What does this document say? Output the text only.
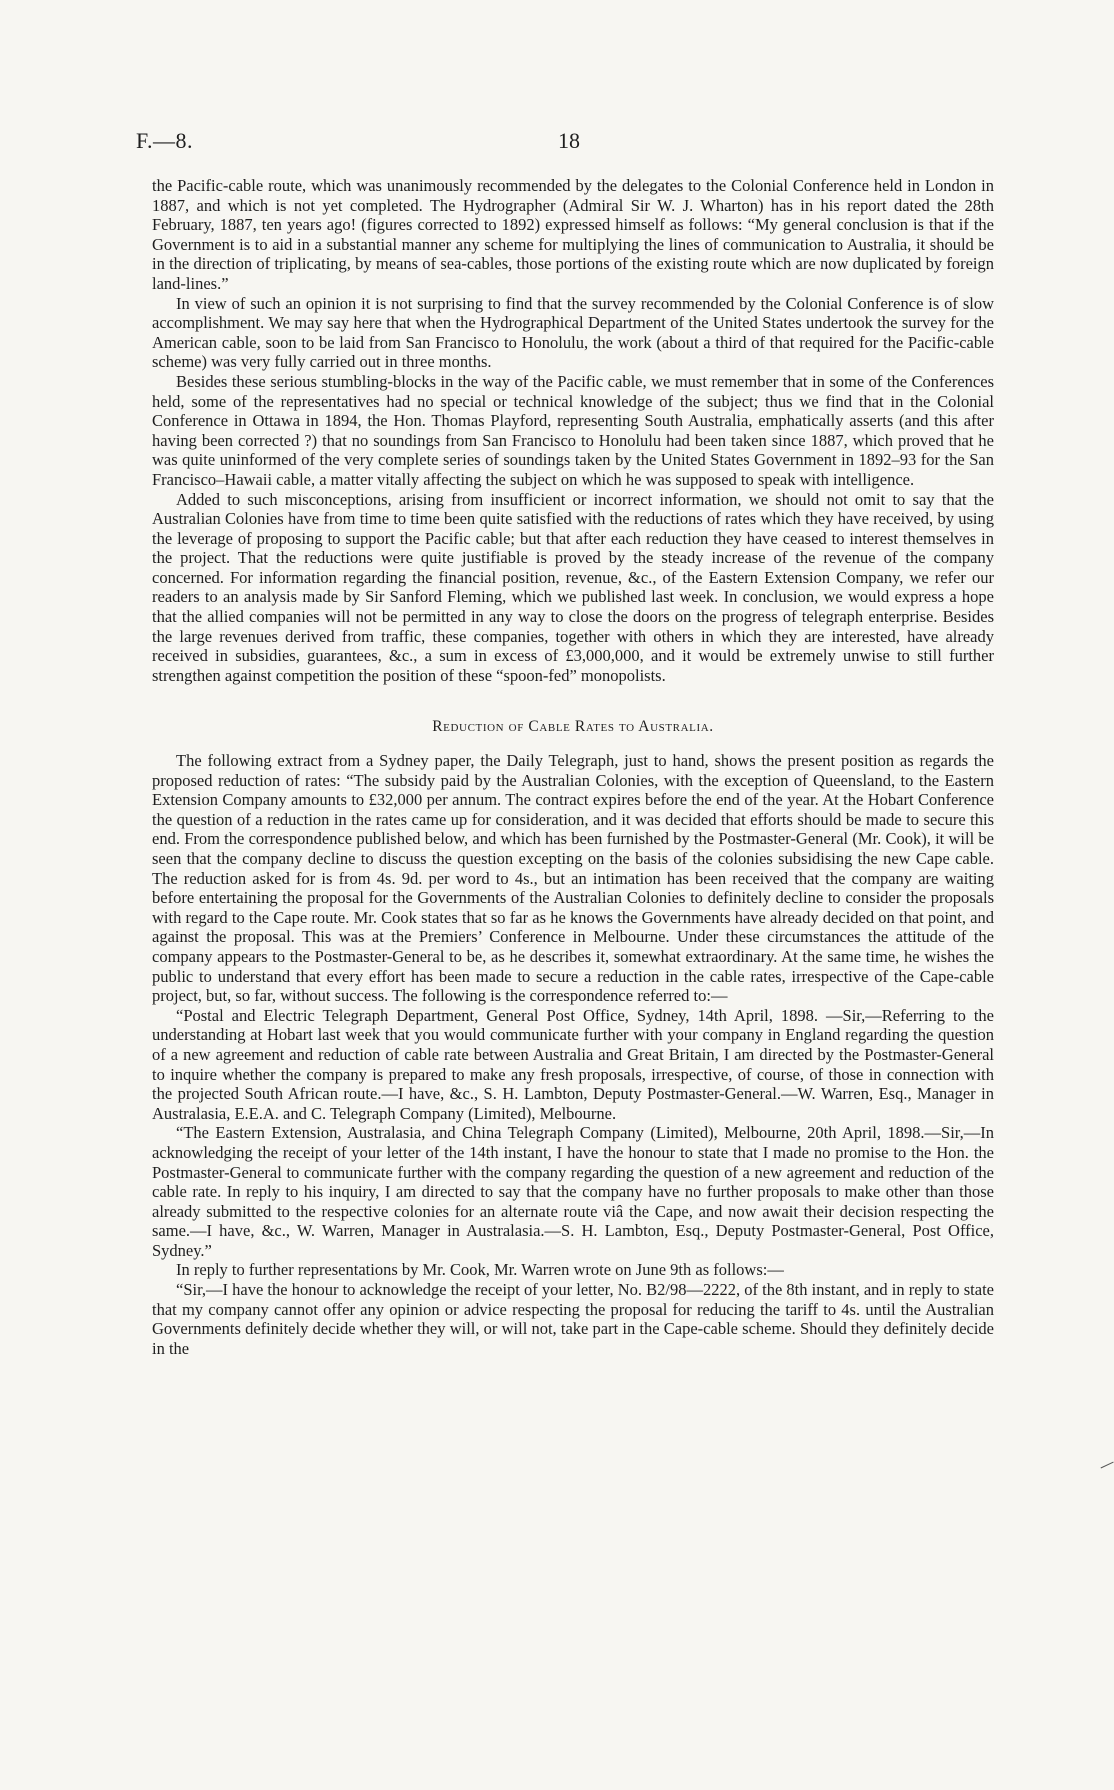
F.—8.	18

the Pacific-cable route, which was unanimously recommended by the delegates to the Colonial Conference held in London in 1887, and which is not yet completed. The Hydrographer (Admiral Sir W. J. Wharton) has in his report dated the 28th February, 1887, ten years ago! (figures corrected to 1892) expressed himself as follows: “My general conclusion is that if the Government is to aid in a substantial manner any scheme for multiplying the lines of communication to Australia, it should be in the direction of triplicating, by means of sea-cables, those portions of the existing route which are now duplicated by foreign land-lines.”

In view of such an opinion it is not surprising to find that the survey recommended by the Colonial Conference is of slow accomplishment. We may say here that when the Hydrographical Department of the United States undertook the survey for the American cable, soon to be laid from San Francisco to Honolulu, the work (about a third of that required for the Pacific-cable scheme) was very fully carried out in three months.

Besides these serious stumbling-blocks in the way of the Pacific cable, we must remember that in some of the Conferences held, some of the representatives had no special or technical knowledge of the subject; thus we find that in the Colonial Conference in Ottawa in 1894, the Hon. Thomas Playford, representing South Australia, emphatically asserts (and this after having been corrected ?) that no soundings from San Francisco to Honolulu had been taken since 1887, which proved that he was quite uninformed of the very complete series of soundings taken by the United States Government in 1892–93 for the San Francisco–Hawaii cable, a matter vitally affecting the subject on which he was supposed to speak with intelligence.

Added to such misconceptions, arising from insufficient or incorrect information, we should not omit to say that the Australian Colonies have from time to time been quite satisfied with the reductions of rates which they have received, by using the leverage of proposing to support the Pacific cable; but that after each reduction they have ceased to interest themselves in the project. That the reductions were quite justifiable is proved by the steady increase of the revenue of the company concerned. For information regarding the financial position, revenue, &c., of the Eastern Extension Company, we refer our readers to an analysis made by Sir Sanford Fleming, which we published last week. In conclusion, we would express a hope that the allied companies will not be permitted in any way to close the doors on the progress of telegraph enterprise. Besides the large revenues derived from traffic, these companies, together with others in which they are interested, have already received in subsidies, guarantees, &c., a sum in excess of £3,000,000, and it would be extremely unwise to still further strengthen against competition the position of these “spoon-fed” monopolists.

Reduction of Cable Rates to Australia.

The following extract from a Sydney paper, the Daily Telegraph, just to hand, shows the present position as regards the proposed reduction of rates: “The subsidy paid by the Australian Colonies, with the exception of Queensland, to the Eastern Extension Company amounts to £32,000 per annum. The contract expires before the end of the year. At the Hobart Conference the question of a reduction in the rates came up for consideration, and it was decided that efforts should be made to secure this end. From the correspondence published below, and which has been furnished by the Postmaster-General (Mr. Cook), it will be seen that the company decline to discuss the question excepting on the basis of the colonies subsidising the new Cape cable. The reduction asked for is from 4s. 9d. per word to 4s., but an intimation has been received that the company are waiting before entertaining the proposal for the Governments of the Australian Colonies to definitely decline to consider the proposals with regard to the Cape route. Mr. Cook states that so far as he knows the Governments have already decided on that point, and against the proposal. This was at the Premiers’ Conference in Melbourne. Under these circumstances the attitude of the company appears to the Postmaster-General to be, as he describes it, somewhat extraordinary. At the same time, he wishes the public to understand that every effort has been made to secure a reduction in the cable rates, irrespective of the Cape-cable project, but, so far, without success. The following is the correspondence referred to:—

“Postal and Electric Telegraph Department, General Post Office, Sydney, 14th April, 1898. —Sir,—Referring to the understanding at Hobart last week that you would communicate further with your company in England regarding the question of a new agreement and reduction of cable rate between Australia and Great Britain, I am directed by the Postmaster-General to inquire whether the company is prepared to make any fresh proposals, irrespective, of course, of those in connection with the projected South African route.—I have, &c., S. H. Lambton, Deputy Postmaster-General.—W. Warren, Esq., Manager in Australasia, E.E.A. and C. Telegraph Company (Limited), Melbourne.

“The Eastern Extension, Australasia, and China Telegraph Company (Limited), Melbourne, 20th April, 1898.—Sir,—In acknowledging the receipt of your letter of the 14th instant, I have the honour to state that I made no promise to the Hon. the Postmaster-General to communicate further with the company regarding the question of a new agreement and reduction of the cable rate. In reply to his inquiry, I am directed to say that the company have no further proposals to make other than those already submitted to the respective colonies for an alternate route viâ the Cape, and now await their decision respecting the same.—I have, &c., W. Warren, Manager in Australasia.—S. H. Lambton, Esq., Deputy Postmaster-General, Post Office, Sydney.”

In reply to further representations by Mr. Cook, Mr. Warren wrote on June 9th as follows:—

“Sir,—I have the honour to acknowledge the receipt of your letter, No. B2/98—2222, of the 8th instant, and in reply to state that my company cannot offer any opinion or advice respecting the proposal for reducing the tariff to 4s. until the Australian Governments definitely decide whether they will, or will not, take part in the Cape-cable scheme. Should they definitely decide in the
